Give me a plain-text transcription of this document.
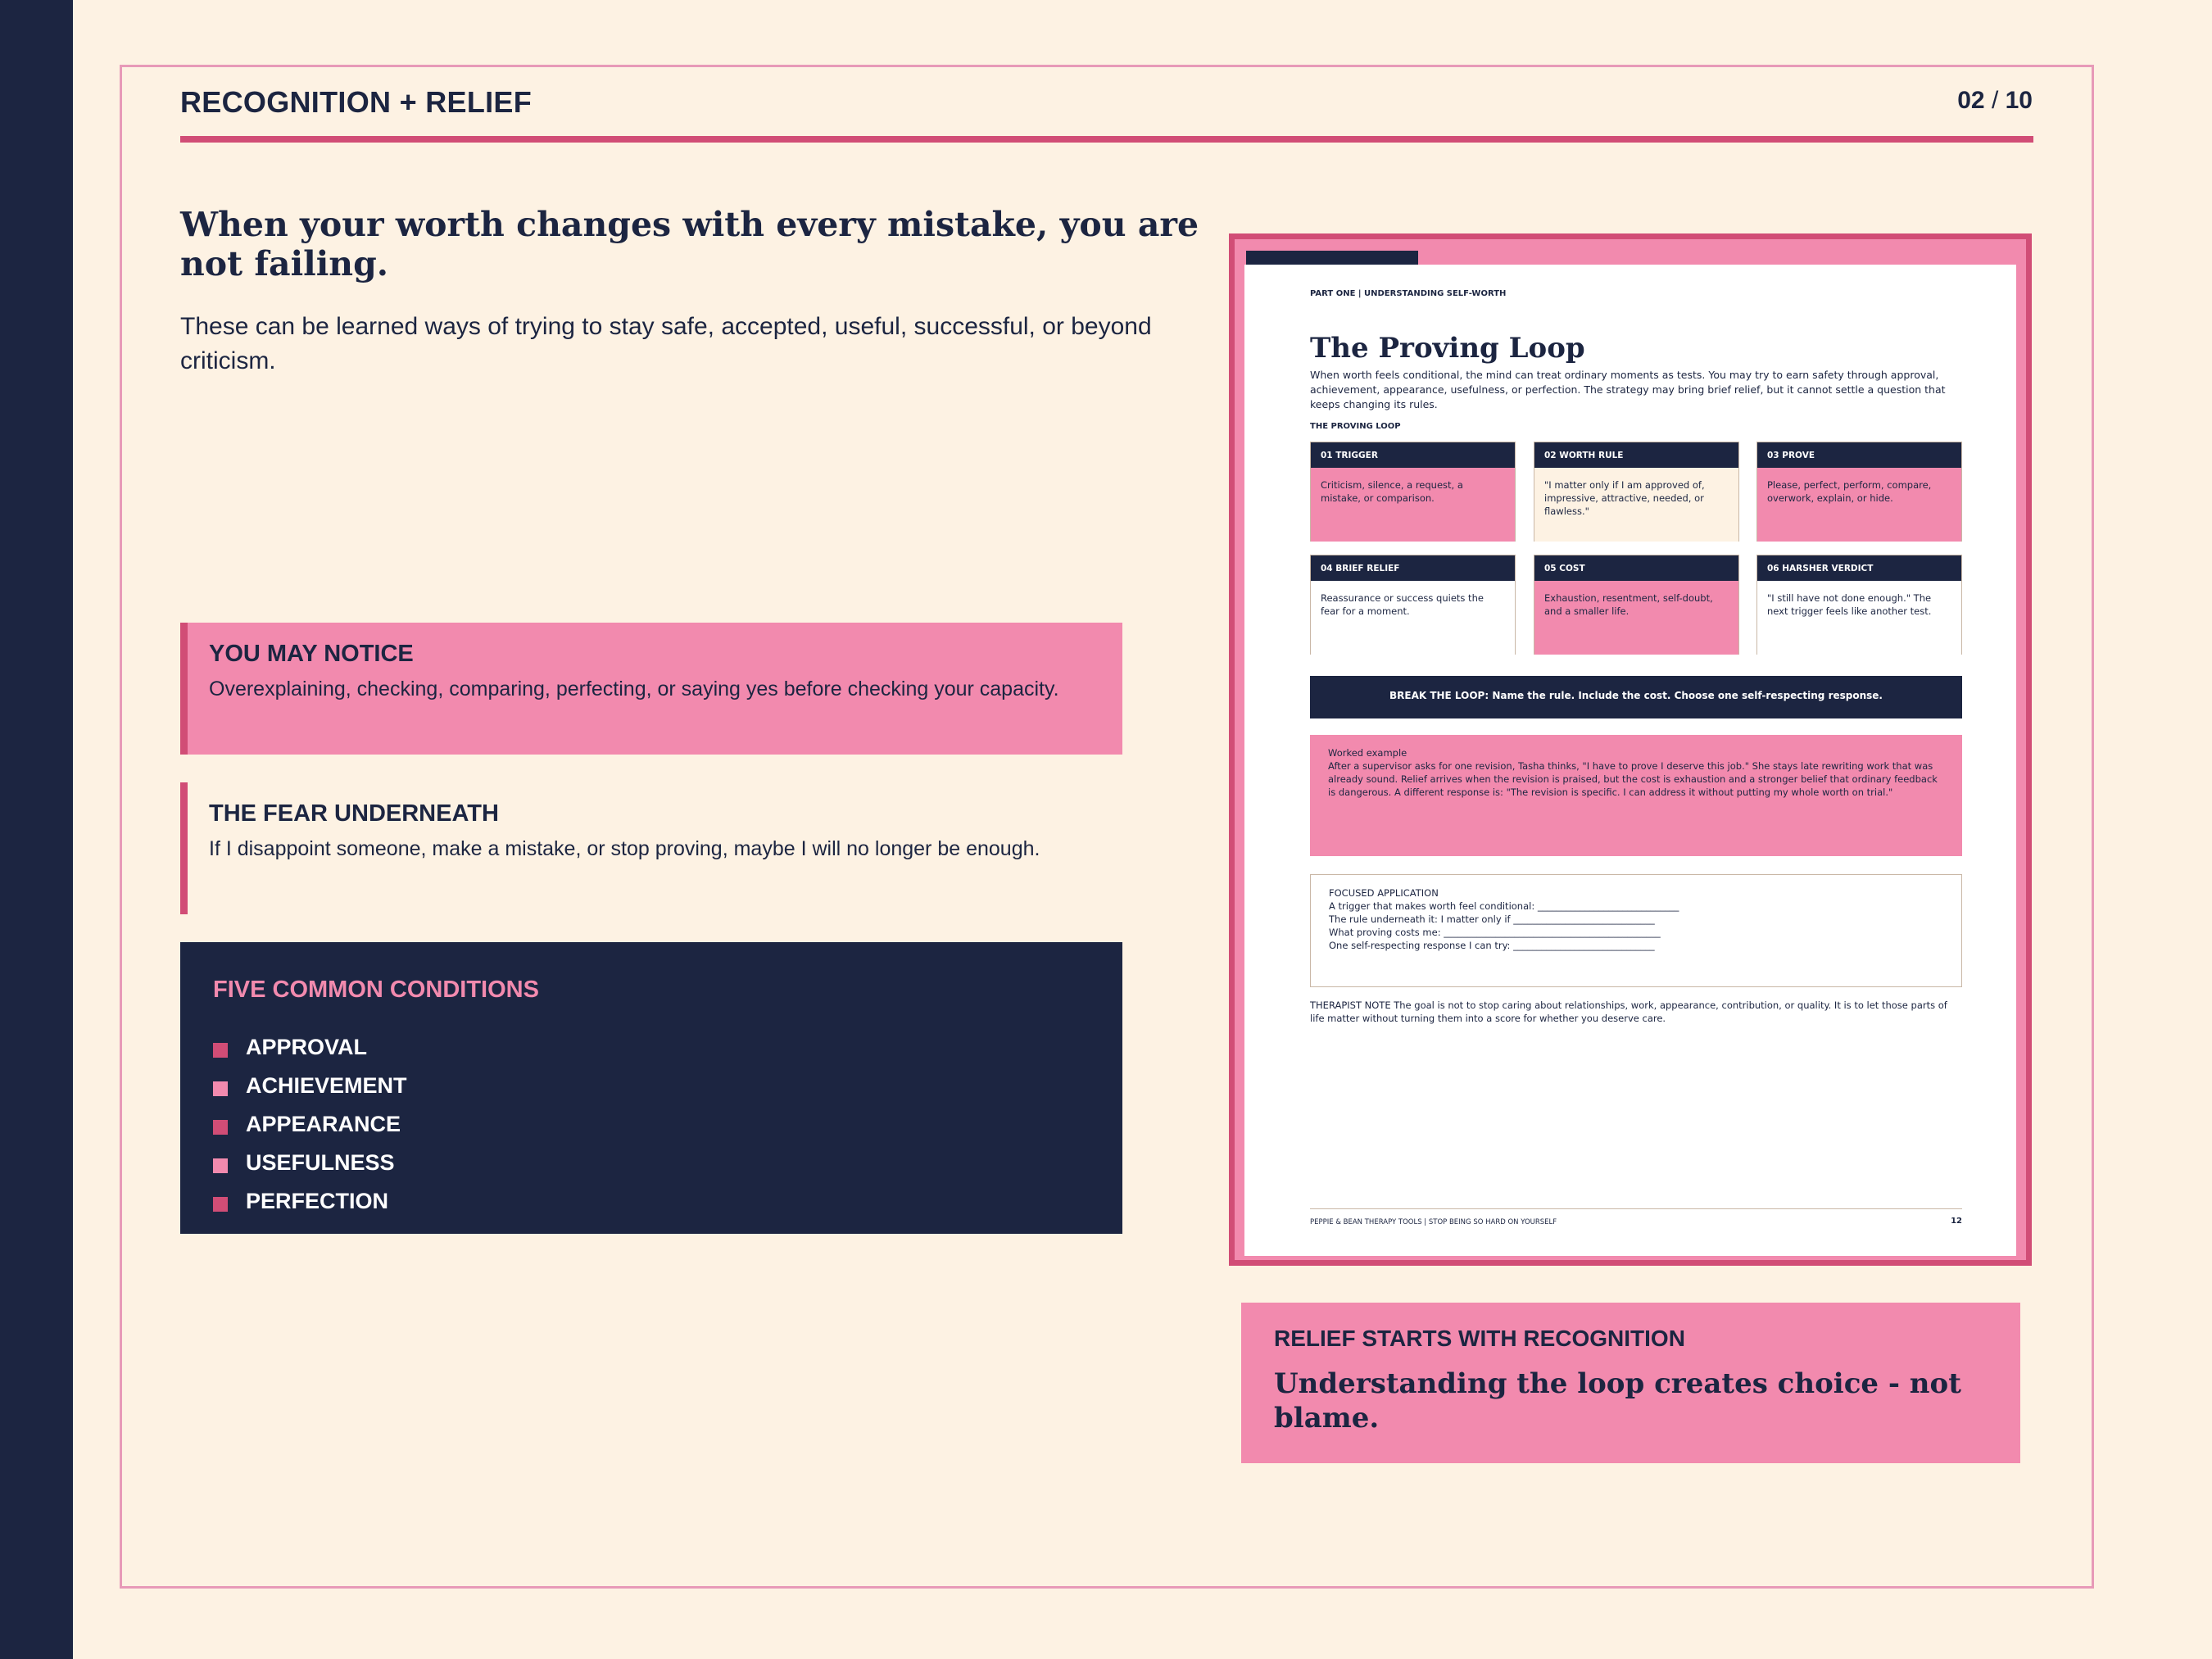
RECOGNITION + RELIEF	02 / 10
When your worth changes with every mistake, you are not failing.
These can be learned ways of trying to stay safe, accepted, useful, successful, or beyond criticism.
YOU MAY NOTICE
Overexplaining, checking, comparing, perfecting, or saying yes before checking your capacity.
THE FEAR UNDERNEATH
If I disappoint someone, make a mistake, or stop proving, maybe I will no longer be enough.
FIVE COMMON CONDITIONS
APPROVAL
ACHIEVEMENT
APPEARANCE
USEFULNESS
PERFECTION
PART ONE | UNDERSTANDING SELF-WORTH
The Proving Loop
When worth feels conditional, the mind can treat ordinary moments as tests. You may try to earn safety through approval, achievement, appearance, usefulness, or perfection. The strategy may bring brief relief, but it cannot settle a question that keeps changing its rules.
THE PROVING LOOP
01 TRIGGER
Criticism, silence, a request, a mistake, or comparison.
02 WORTH RULE
"I matter only if I am approved of, impressive, attractive, needed, or flawless."
03 PROVE
Please, perfect, perform, compare, overwork, explain, or hide.
04 BRIEF RELIEF
Reassurance or success quiets the fear for a moment.
05 COST
Exhaustion, resentment, self-doubt, and a smaller life.
06 HARSHER VERDICT
"I still have not done enough." The next trigger feels like another test.
BREAK THE LOOP: Name the rule. Include the cost. Choose one self-respecting response.
Worked example
After a supervisor asks for one revision, Tasha thinks, "I have to prove I deserve this job." She stays late rewriting work that was already sound. Relief arrives when the revision is praised, but the cost is exhaustion and a stronger belief that ordinary feedback is dangerous. A different response is: "The revision is specific. I can address it without putting my whole worth on trial."
FOCUSED APPLICATION
A trigger that makes worth feel conditional: ______________________________
The rule underneath it: I matter only if ______________________________
What proving costs me: ______________________________________________
One self-respecting response I can try: ______________________________
THERAPIST NOTE The goal is not to stop caring about relationships, work, appearance, contribution, or quality. It is to let those parts of life matter without turning them into a score for whether you deserve care.
PEPPIE & BEAN THERAPY TOOLS | STOP BEING SO HARD ON YOURSELF	12
RELIEF STARTS WITH RECOGNITION
Understanding the loop creates choice - not blame.
